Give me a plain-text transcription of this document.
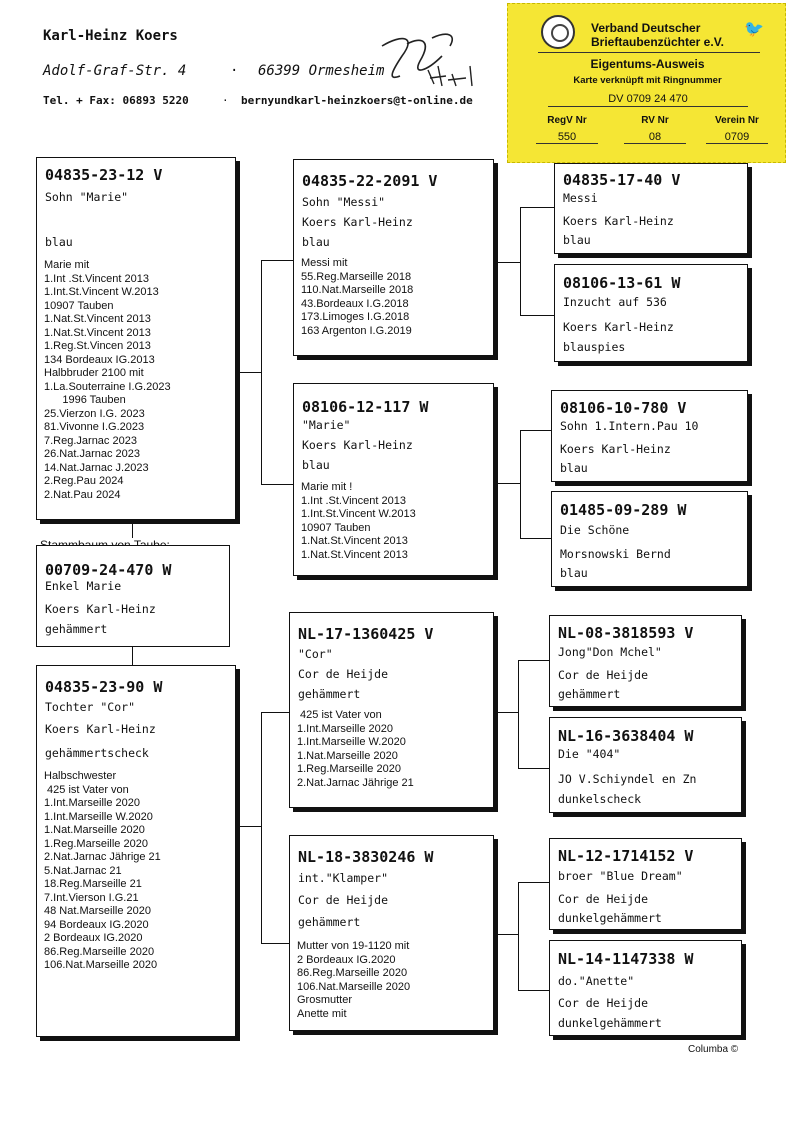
Karl-Heinz Koers
Adolf-Graf-Str. 4	· 66399 Ormesheim
Tel. + Fax: 06893 5220	· bernyundkarl-heinzkoers@t-online.de
Verband Deutscher
Brieftaubenzüchter e.V.
🐦
Eigentums-Ausweis
Karte verknüpft mit Ringnummer
DV 0709 24 470
RegV Nr	RV Nr	Verein Nr
550	08	0709
04835-23-12 V
Sohn "Marie"
blau
Marie mit
1.Int .St.Vincent 2013
1.Int.St.Vincent W.2013
10907 Tauben
1.Nat.St.Vincent 2013
1.Nat.St.Vincent 2013
1.Reg.St.Vincen 2013
134 Bordeaux IG.2013
Halbbruder 2100 mit
1.La.Souterraine I.G.2023
1996 Tauben
25.Vierzon I.G. 2023
81.Vivonne I.G.2023
7.Reg.Jarnac 2023
26.Nat.Jarnac 2023
14.Nat.Jarnac J.2023
2.Reg.Pau 2024
2.Nat.Pau 2024
00709-24-470 W
Enkel Marie
Koers Karl-Heinz
gehämmert
04835-23-90 W
Tochter "Cor"
Koers Karl-Heinz
gehämmertscheck
Halbschwester
425 ist Vater von
1.Int.Marseille 2020
1.Int.Marseille W.2020
1.Nat.Marseille 2020
1.Reg.Marseille 2020
2.Nat.Jarnac Jährige 21
5.Nat.Jarnac 21
18.Reg.Marseille 21
7.Int.Vierson I.G.21
48 Nat.Marseille 2020
94 Bordeaux IG.2020
2 Bordeaux IG.2020
86.Reg.Marseille 2020
106.Nat.Marseille 2020
04835-22-2091 V
Sohn "Messi"
Koers Karl-Heinz
blau
Messi mit
55.Reg.Marseille 2018
110.Nat.Marseille 2018
43.Bordeaux I.G.2018
173.Limoges I.G.2018
163 Argenton I.G.2019
08106-12-117 W
"Marie"
Koers Karl-Heinz
blau
Marie mit !
1.Int .St.Vincent 2013
1.Int.St.Vincent W.2013
10907 Tauben
1.Nat.St.Vincent 2013
1.Nat.St.Vincent 2013
NL-17-1360425 V
"Cor"
Cor de Heijde
gehämmert
425 ist Vater von
1.Int.Marseille 2020
1.Int.Marseille W.2020
1.Nat.Marseille 2020
1.Reg.Marseille 2020
2.Nat.Jarnac Jährige 21
NL-18-3830246 W
int."Klamper"
Cor de Heijde
gehämmert
Mutter von 19-1120 mit
2 Bordeaux IG.2020
86.Reg.Marseille 2020
106.Nat.Marseille 2020
Grosmutter
Anette mit
04835-17-40 V
Messi
Koers Karl-Heinz
blau
08106-13-61 W
Inzucht auf 536
Koers Karl-Heinz
blauspies
08106-10-780 V
Sohn 1.Intern.Pau 10
Koers Karl-Heinz
blau
01485-09-289 W
Die Schöne
Morsnowski Bernd
blau
NL-08-3818593 V
Jong"Don Mchel"
Cor de Heijde
gehämmert
NL-16-3638404 W
Die "404"
JO V.Schiyndel en Zn
dunkelscheck
NL-12-1714152 V
broer "Blue Dream"
Cor de Heijde
dunkelgehämmert
NL-14-1147338 W
do."Anette"
Cor de Heijde
dunkelgehämmert
Columba ©
